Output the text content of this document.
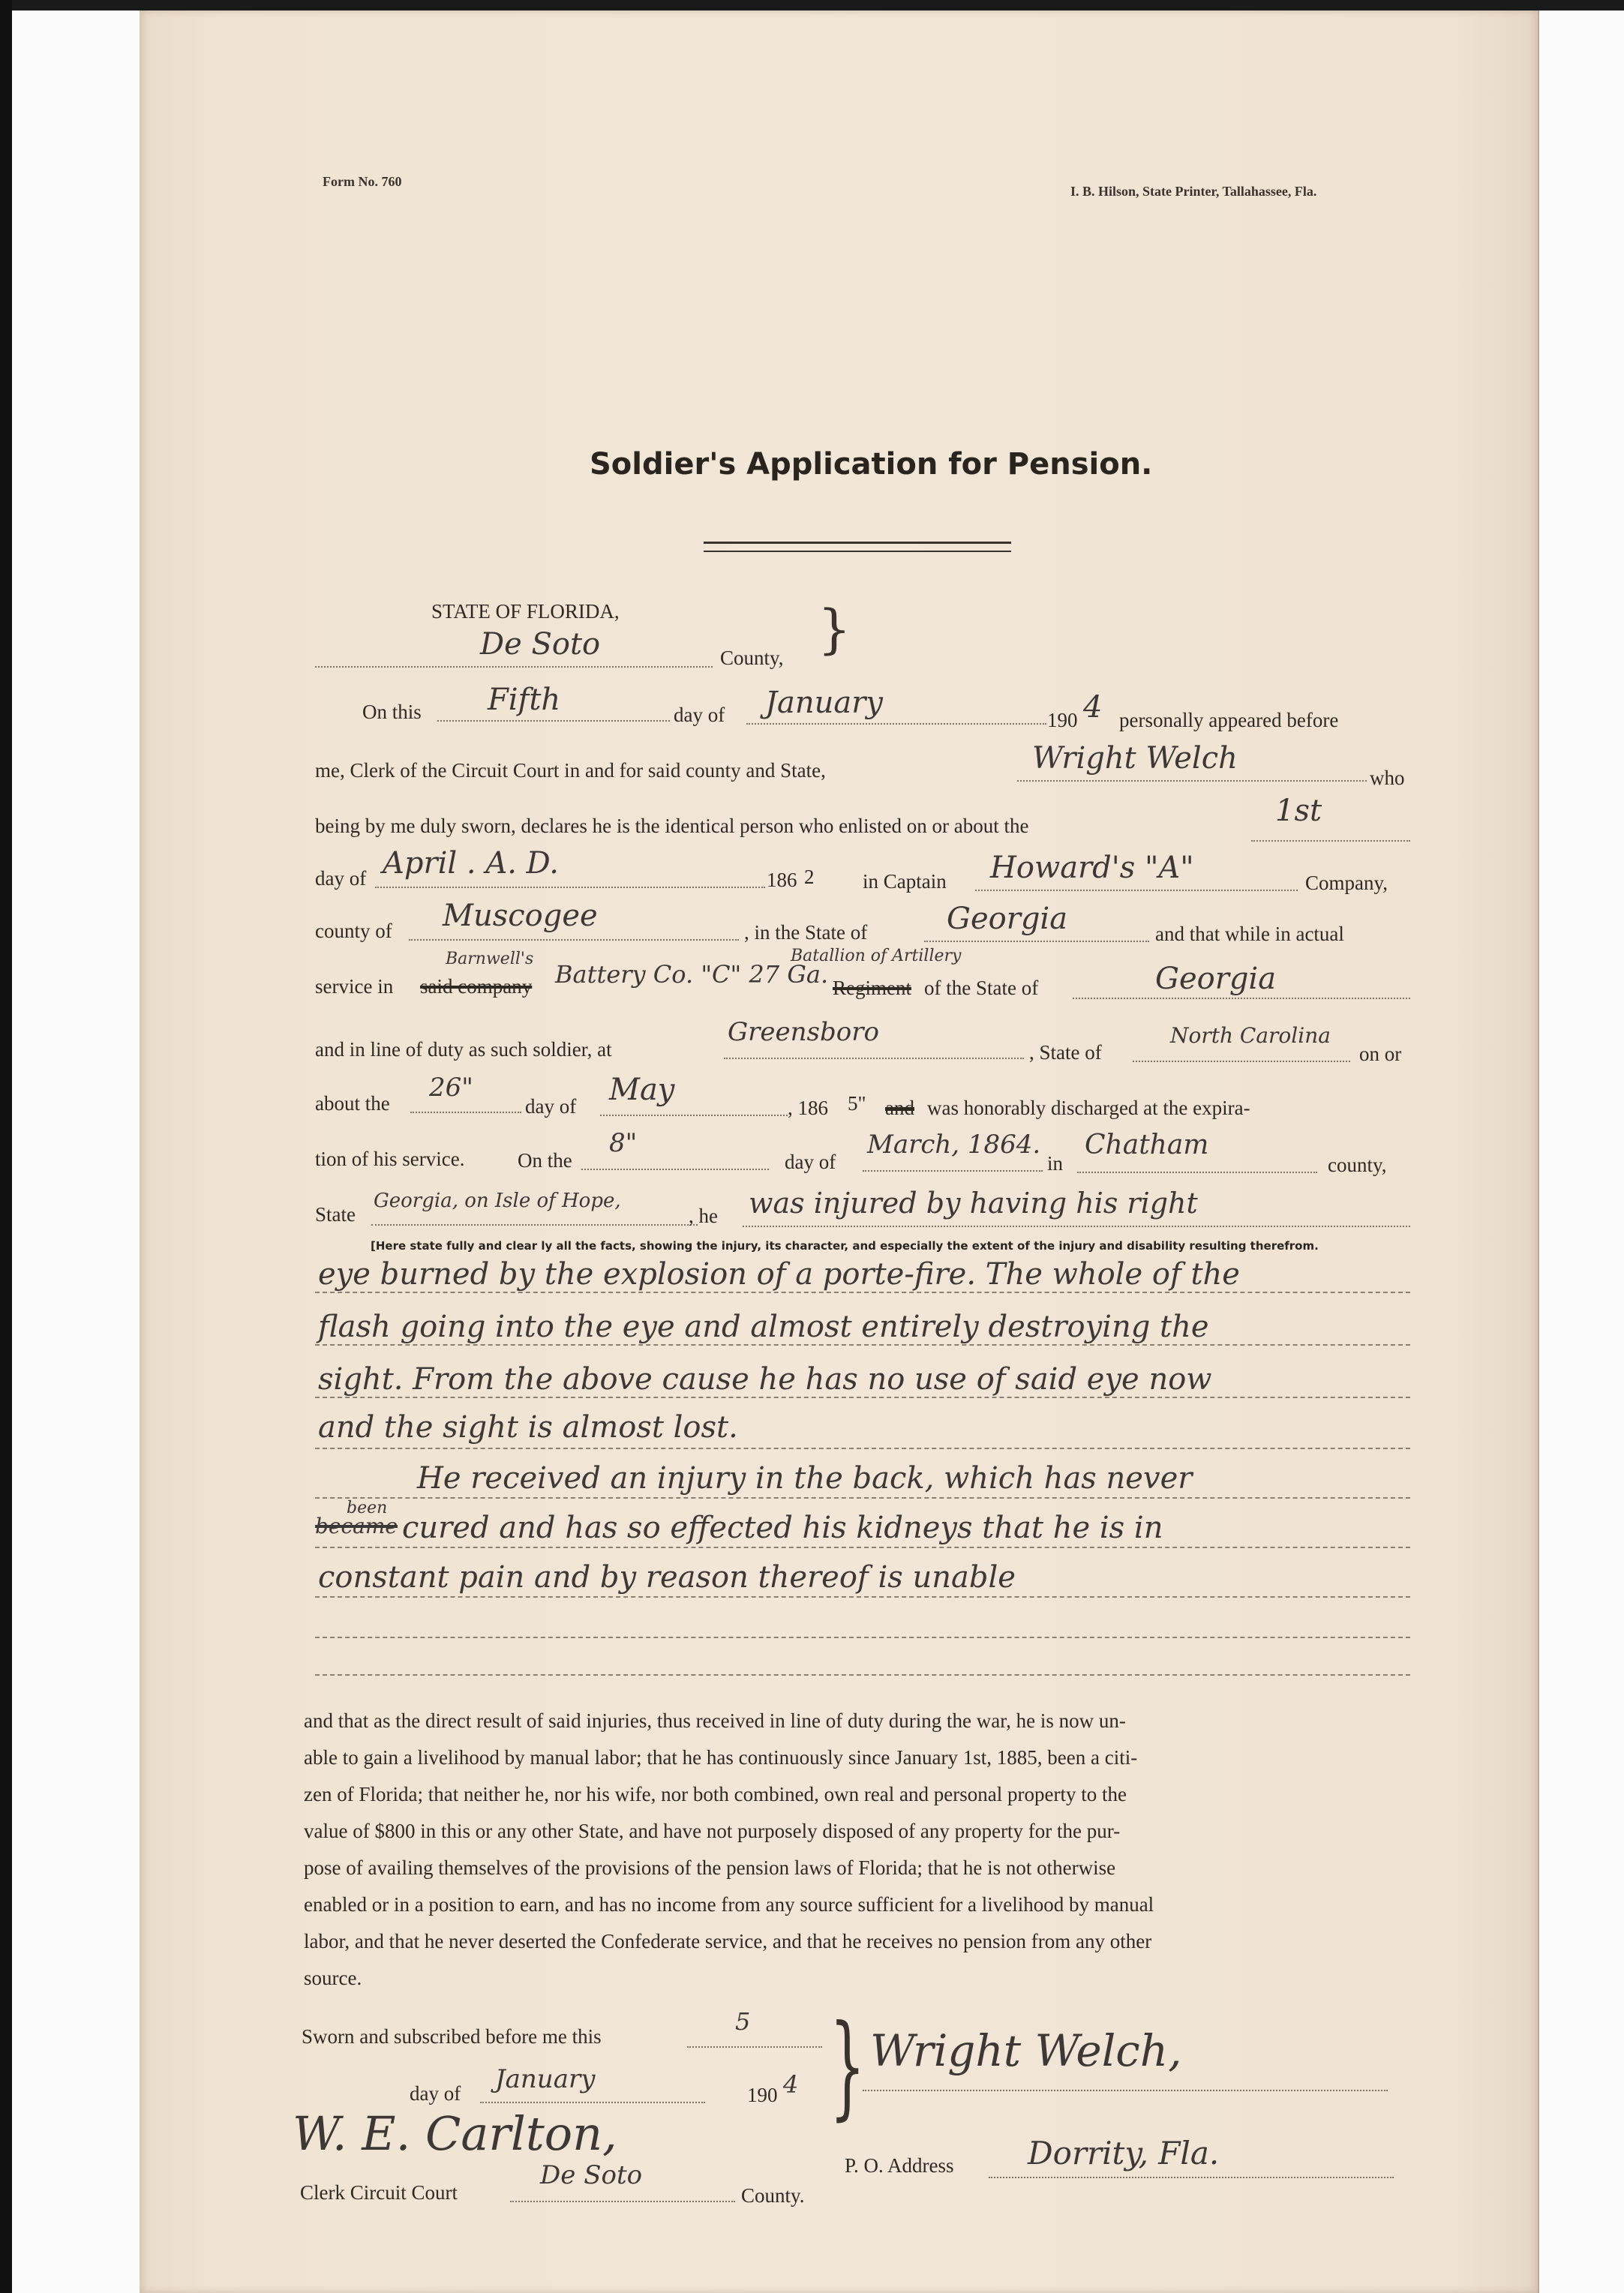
Form No. 760
I. B. Hilson, State Printer, Tallahassee, Fla.
Soldier's Application for Pension.
STATE OF FLORIDA,
De Soto	County, }
On this Fifth	day of January	190 4 personally appeared before
me, Clerk of the Circuit Court in and for said county and State,	Wright Welch
who
being by me duly sworn, declares he is the identical person who enlisted on or about the	1st
day of April . A. D.	186 2 in Captain Howard's "A"	Company,
county of Muscogee	, in the State of	Georgia	and that while in actual
Barnwell's	Batallion of Artillery
service in said company Battery Co. "C" 27 Ga. Regiment of the State of	Georgia
and in line of duty as such soldier, at
Greensboro
, State of
North Carolina
on or
about the
26"
day of May
, 186 5" and was honorably discharged at the expira-
tion of his service.	On the
8"
day of
March, 1864.
in
Chatham
county,
State
Georgia, on Isle of Hope,
, he was injured by having his right
[Here state fully and clear ly all the facts, showing the injury, its character, and especially the extent of the injury and disability resulting therefrom.
eye burned by the explosion of a porte-fire. The whole of the
flash going into the eye and almost entirely destroying the
sight. From the above cause he has no use of said eye now
and the sight is almost lost.
He received an injury in the back, which has never
been
became cured and has so effected his kidneys that he is in
constant pain and by reason thereof is unable

and that as the direct result of said injuries, thus received in line of duty during the war, he is now un-

able to gain a livelihood by manual labor; that he has continuously since January 1st, 1885, been a citi-

zen of Florida; that neither he, nor his wife, nor both combined, own real and personal property to the

value of $800 in this or any other State, and have not purposely disposed of any property for the pur-

pose of availing themselves of the provisions of the pension laws of Florida; that he is not otherwise

enabled or in a position to earn, and has no income from any source sufficient for a livelihood by manual

labor, and that he never deserted the Confederate service, and that he receives no pension from any other

source.

Sworn and subscribed before me this
5
day of January
190 4
W. E. Carlton,
Clerk Circuit Court
De Soto
County.
} Wright Welch,
P. O. Address Dorrity, Fla.
